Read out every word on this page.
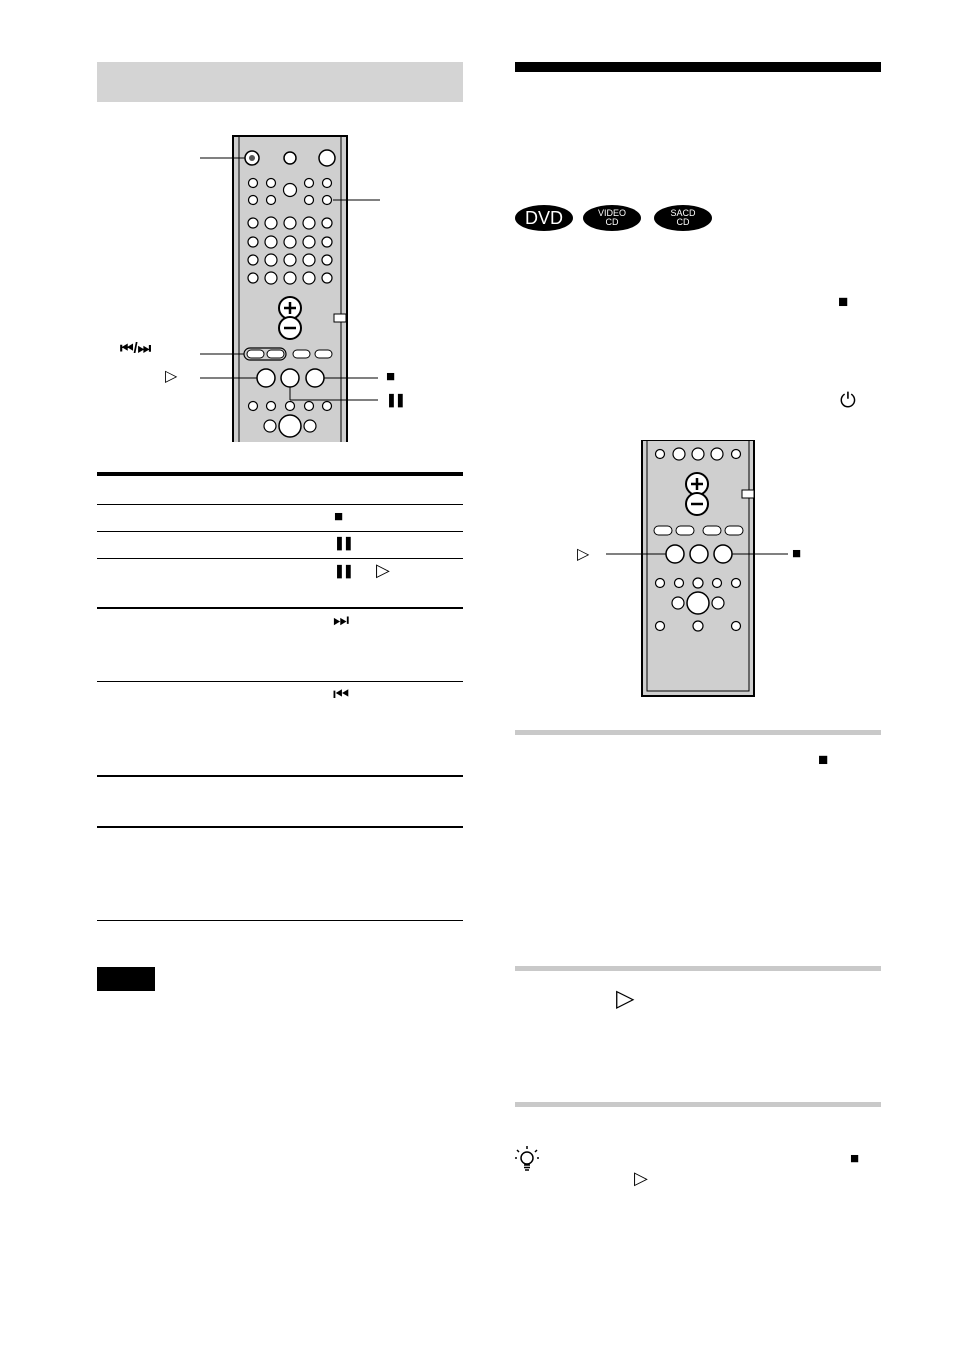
⏮/⏭
▷	■
❚❚
■
❚❚
❚❚ ▷
⏭
⏮
DVD	VIDEO
CD
SACD
CD
■
⏻
▷	■
■
▷
■
▷
